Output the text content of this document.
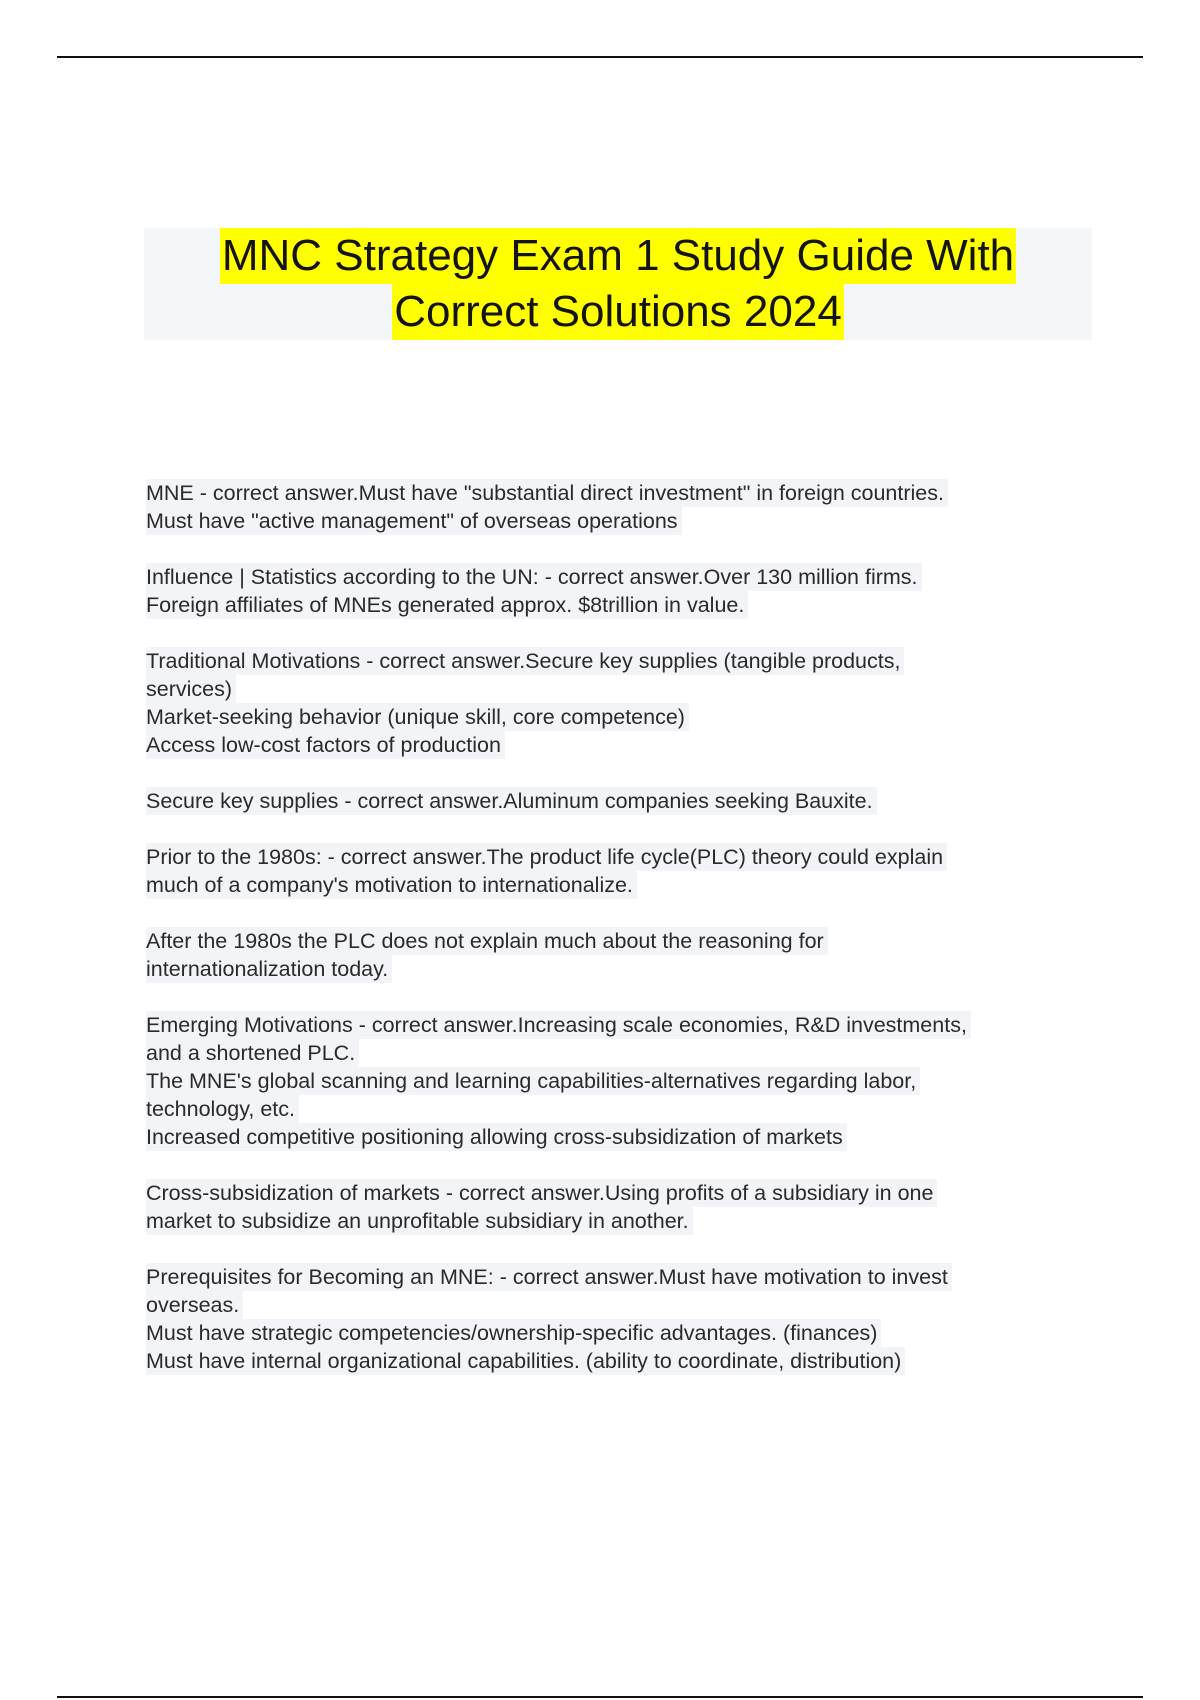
MNC Strategy Exam 1 Study Guide With
Correct Solutions 2024
MNE - correct answer.Must have "substantial direct investment" in foreign countries.
Must have "active management" of overseas operations
Influence | Statistics according to the UN: - correct answer.Over 130 million firms.
Foreign affiliates of MNEs generated approx. $8trillion in value.
Traditional Motivations - correct answer.Secure key supplies (tangible products,
services)
Market-seeking behavior (unique skill, core competence)
Access low-cost factors of production
Secure key supplies - correct answer.Aluminum companies seeking Bauxite.
Prior to the 1980s: - correct answer.The product life cycle(PLC) theory could explain
much of a company's motivation to internationalize.
After the 1980s the PLC does not explain much about the reasoning for
internationalization today.
Emerging Motivations - correct answer.Increasing scale economies, R&D investments,
and a shortened PLC.
The MNE's global scanning and learning capabilities-alternatives regarding labor,
technology, etc.
Increased competitive positioning allowing cross-subsidization of markets
Cross-subsidization of markets - correct answer.Using profits of a subsidiary in one
market to subsidize an unprofitable subsidiary in another.
Prerequisites for Becoming an MNE: - correct answer.Must have motivation to invest
overseas.
Must have strategic competencies/ownership-specific advantages. (finances)
Must have internal organizational capabilities. (ability to coordinate, distribution)
